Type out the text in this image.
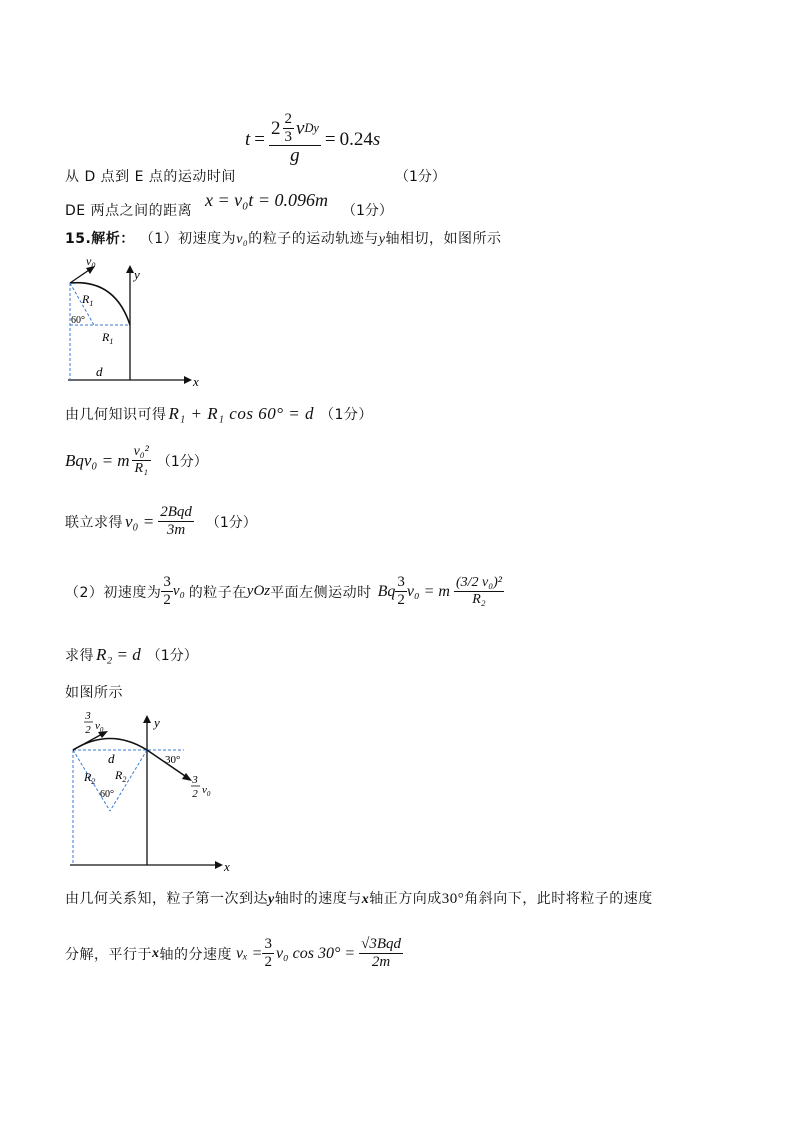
$t = \frac{2 \frac{2}{3} v Dy}{g} = 0.24$ s
从 D 点到 E 点的运动时间	（1分）
DE 两点之间的距离
x = v₀t = 0.096m
（1分）
15.解析： （1）初速度为v₀的粒子的运动轨迹与y轴相切，如图所示
x
y
$v_0$
$R_1$
$R_1$
60°
d
由几何知识可得 R₁ + R₁ cos 60° = d （1分）
Bqv₀ = m $\frac{\text{v₀²}}{\text{R₁}} (1$分）
联立求得 $v_0 = \frac{\text{2Bqd}}{3m} (1$分）
（2）初速度为 $\frac{3}{2} v_0$ 的粒子在 yOz 平面左侧运动时 Bq $\frac{3}{2} v_0 = m \frac{\text{(3/2 v₀)²}}{\text{R₂}}$
求得 R₂ = d （1分）
如图所示
x
y
3
2 $v_0$
d
$R_2$ $R_2$
60°
30°
3
2 $v_0$
由几何关系知，粒子第一次到达y轴时的速度与x轴正方向成30°角斜向下，此时将粒子的速度
分解，平行于 x 轴的分速度 $v_x = \frac{3}{2} v_0$ $\cos 30^\circ = \frac{\text{√3Bqd}}{2m}$
